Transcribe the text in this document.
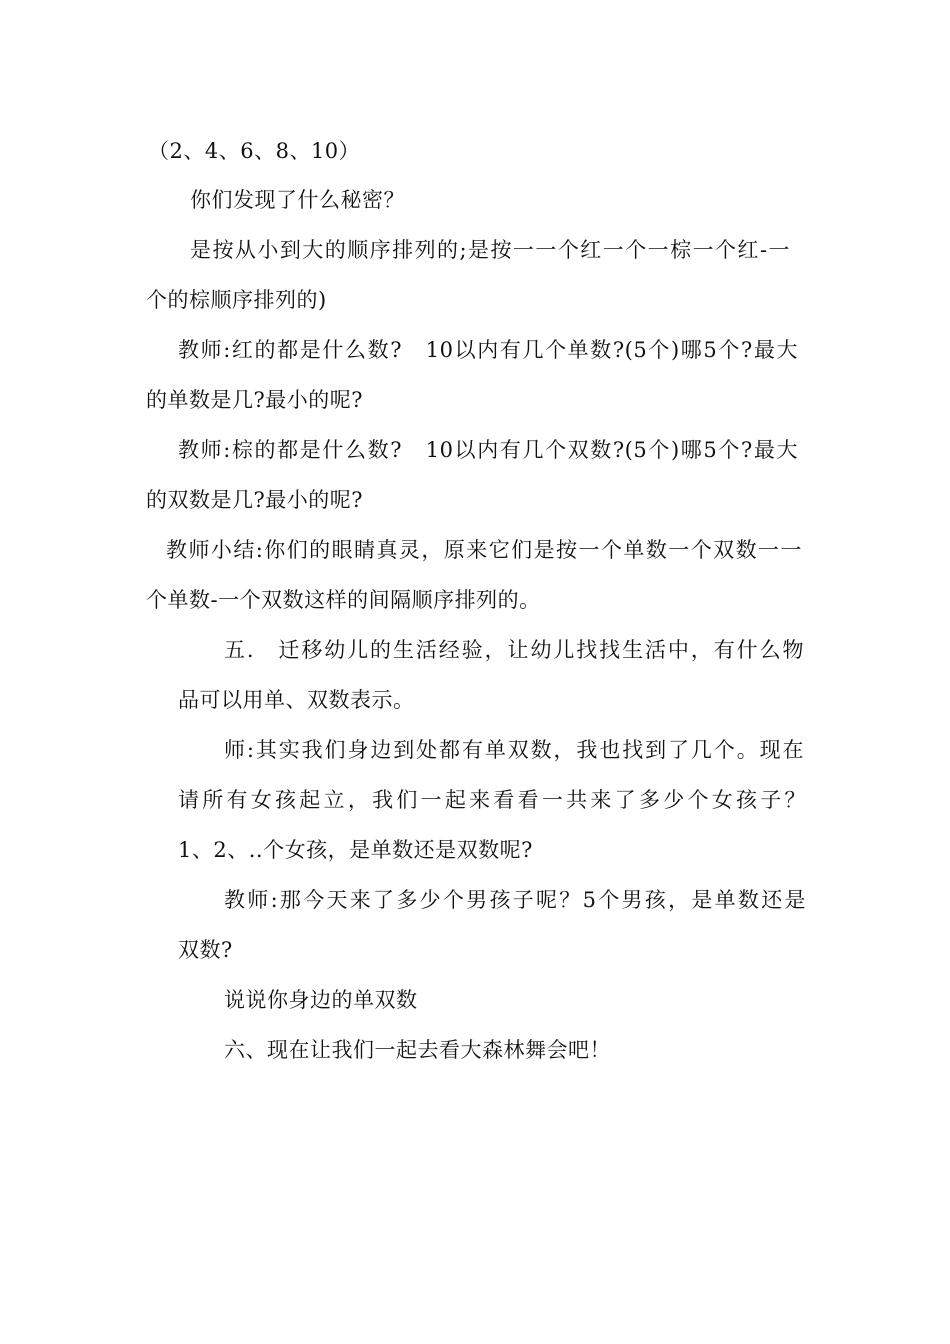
（2、4、6、8、10）
你们发现了什么秘密？
是按从小到大的顺序排列的;是按一一个红一个一棕一个红-一
个的棕顺序排列的)
教师:红的都是什么数?　10以内有几个单数?(5个)哪5个?最大
的单数是几?最小的呢?
教师:棕的都是什么数?　10以内有几个双数?(5个)哪5个?最大
的双数是几?最小的呢?
教师小结:你们的眼睛真灵，原来它们是按一个单数一个双数一一
个单数-一个双数这样的间隔顺序排列的。
五.　迁移幼儿的生活经验，让幼儿找找生活中，有什么物
品可以用单、双数表示。
师:其实我们身边到处都有单双数，我也找到了几个。现在
请所有女孩起立，我们一起来看看一共来了多少个女孩子？
1、2、..个女孩，是单数还是双数呢?
教师:那今天来了多少个男孩子呢？5个男孩，是单数还是
双数?
说说你身边的单双数
六、现在让我们一起去看大森林舞会吧！
